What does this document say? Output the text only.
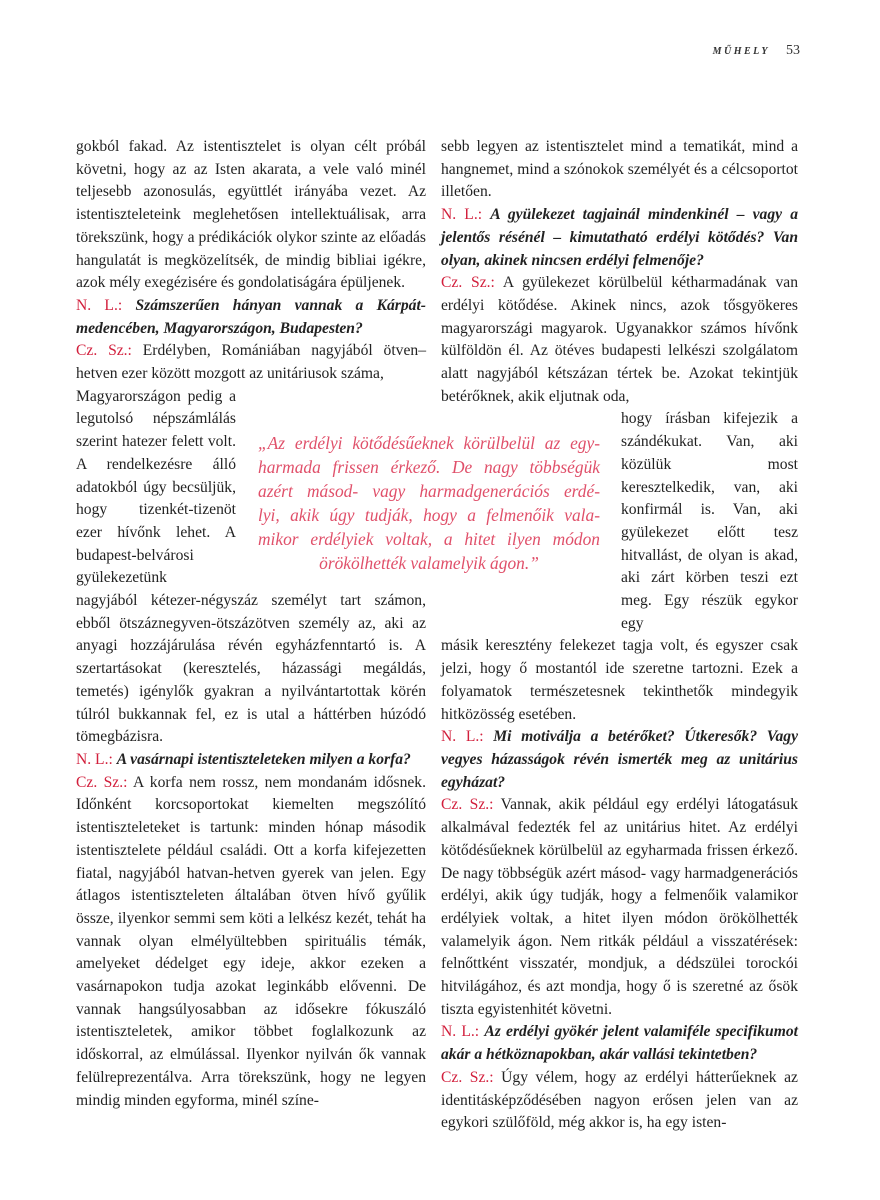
MŰHELY 53

gokból fakad. Az istentisztelet is olyan célt próbál követni, hogy az az Isten akarata, a vele való minél teljesebb azonosulás, együttlét irányába vezet. Az istentiszteleteink meglehetősen intellektuálisak, arra törekszünk, hogy a prédikációk olykor szinte az előadás hangulatát is megközelítsék, de mindig bibliai igékre, azok mély exegézisére és gondolatiságára épüljenek.

N. L.: Számszerűen hányan vannak a Kárpát-medencében, Magyarországon, Budapesten?

Cz. Sz.: Erdélyben, Romániában nagyjából ötven–hetven ezer között mozgott az unitáriusok száma,

Magyarországon pedig a legutolsó népszámlálás szerint hatezer felett volt. A rendelkezésre álló adatokból úgy becsüljük, hogy tizenkét-tizenöt ezer hívőnk lehet. A budapest-belvárosi gyülekezetünk

nagyjából kétezer-négyszáz személyt tart számon, ebből ötszáznegyven-ötszázötven személy az, aki az anyagi hozzájárulása révén egyházfenntartó is. A szertartásokat (keresztelés, házassági megáldás, temetés) igénylők gyakran a nyilvántartottak körén túlról bukkannak fel, ez is utal a háttérben húzódó tömegbázisra.

N. L.: A vasárnapi istentiszteleteken milyen a korfa?

Cz. Sz.: A korfa nem rossz, nem mondanám idősnek. Időnként korcsoportokat kiemelten megszólító istentiszteleteket is tartunk: minden hónap második istentisztelete például családi. Ott a korfa kifejezetten fiatal, nagyjából hatvan-hetven gyerek van jelen. Egy átlagos istentiszteleten általában ötven hívő gyűlik össze, ilyenkor semmi sem köti a lelkész kezét, tehát ha vannak olyan elmélyültebben spirituális témák, amelyeket dédelget egy ideje, akkor ezeken a vasárnapokon tudja azokat leginkább elővenni. De vannak hangsúlyosabban az idősekre fókuszáló istentiszteletek, amikor többet foglalkozunk az időskorral, az elmúlással. Ilyenkor nyilván ők vannak felülreprezentálva. Arra törekszünk, hogy ne legyen mindig minden egyforma, minél színe-

sebb legyen az istentisztelet mind a tematikát, mind a hangnemet, mind a szónokok személyét és a célcsoportot illetően.

N. L.: A gyülekezet tagjainál mindenkinél – vagy a jelentős résénél – kimutatható erdélyi kötődés? Van olyan, akinek nincsen erdélyi felmenője?

Cz. Sz.: A gyülekezet körülbelül kétharmadának van erdélyi kötődése. Akinek nincs, azok tősgyökeres magyarországi magyarok. Ugyanakkor számos hívőnk külföldön él. Az ötéves budapesti lelkészi szolgálatom alatt nagyjából kétszázan tértek be. Azokat tekintjük betérőknek, akik eljutnak oda,

hogy írásban kifejezik a szándékukat. Van, aki közülük most keresztelkedik, van, aki konfirmál is. Van, aki gyülekezet előtt tesz hitvallást, de olyan is akad, aki zárt körben teszi ezt meg. Egy részük egykor egy

másik keresztény felekezet tagja volt, és egyszer csak jelzi, hogy ő mostantól ide szeretne tartozni. Ezek a folyamatok természetesnek tekinthetők mindegyik hitközösség esetében.

N. L.: Mi motiválja a betérőket? Útkeresők? Vagy vegyes házasságok révén ismerték meg az unitárius egyházat?

Cz. Sz.: Vannak, akik például egy erdélyi látogatásuk alkalmával fedezték fel az unitárius hitet. Az erdélyi kötődésűeknek körülbelül az egyharmada frissen érkező. De nagy többségük azért másod- vagy harmadgenerációs erdélyi, akik úgy tudják, hogy a felmenőik valamikor erdélyiek voltak, a hitet ilyen módon örökölhették valamelyik ágon. Nem ritkák például a visszatérések: felnőttként visszatér, mondjuk, a dédszülei torockói hitvilágához, és azt mondja, hogy ő is szeretné az ősök tiszta egyistenhitét követni.

N. L.: Az erdélyi gyökér jelent valamiféle specifikumot akár a hétköznapokban, akár vallási tekintetben?

Cz. Sz.: Úgy vélem, hogy az erdélyi hátterűeknek az identitásképződésében nagyon erősen jelen van az egykori szülőföld, még akkor is, ha egy isten-

„Az erdélyi kötődésűeknek körülbelül az egy-
harmada frissen érkező. De nagy többségük
azért másod- vagy harmadgenerációs erdé-
lyi, akik úgy tudják, hogy a felmenőik vala-
mikor erdélyiek voltak, a hitet ilyen módon
örökölhették valamelyik ágon.”
